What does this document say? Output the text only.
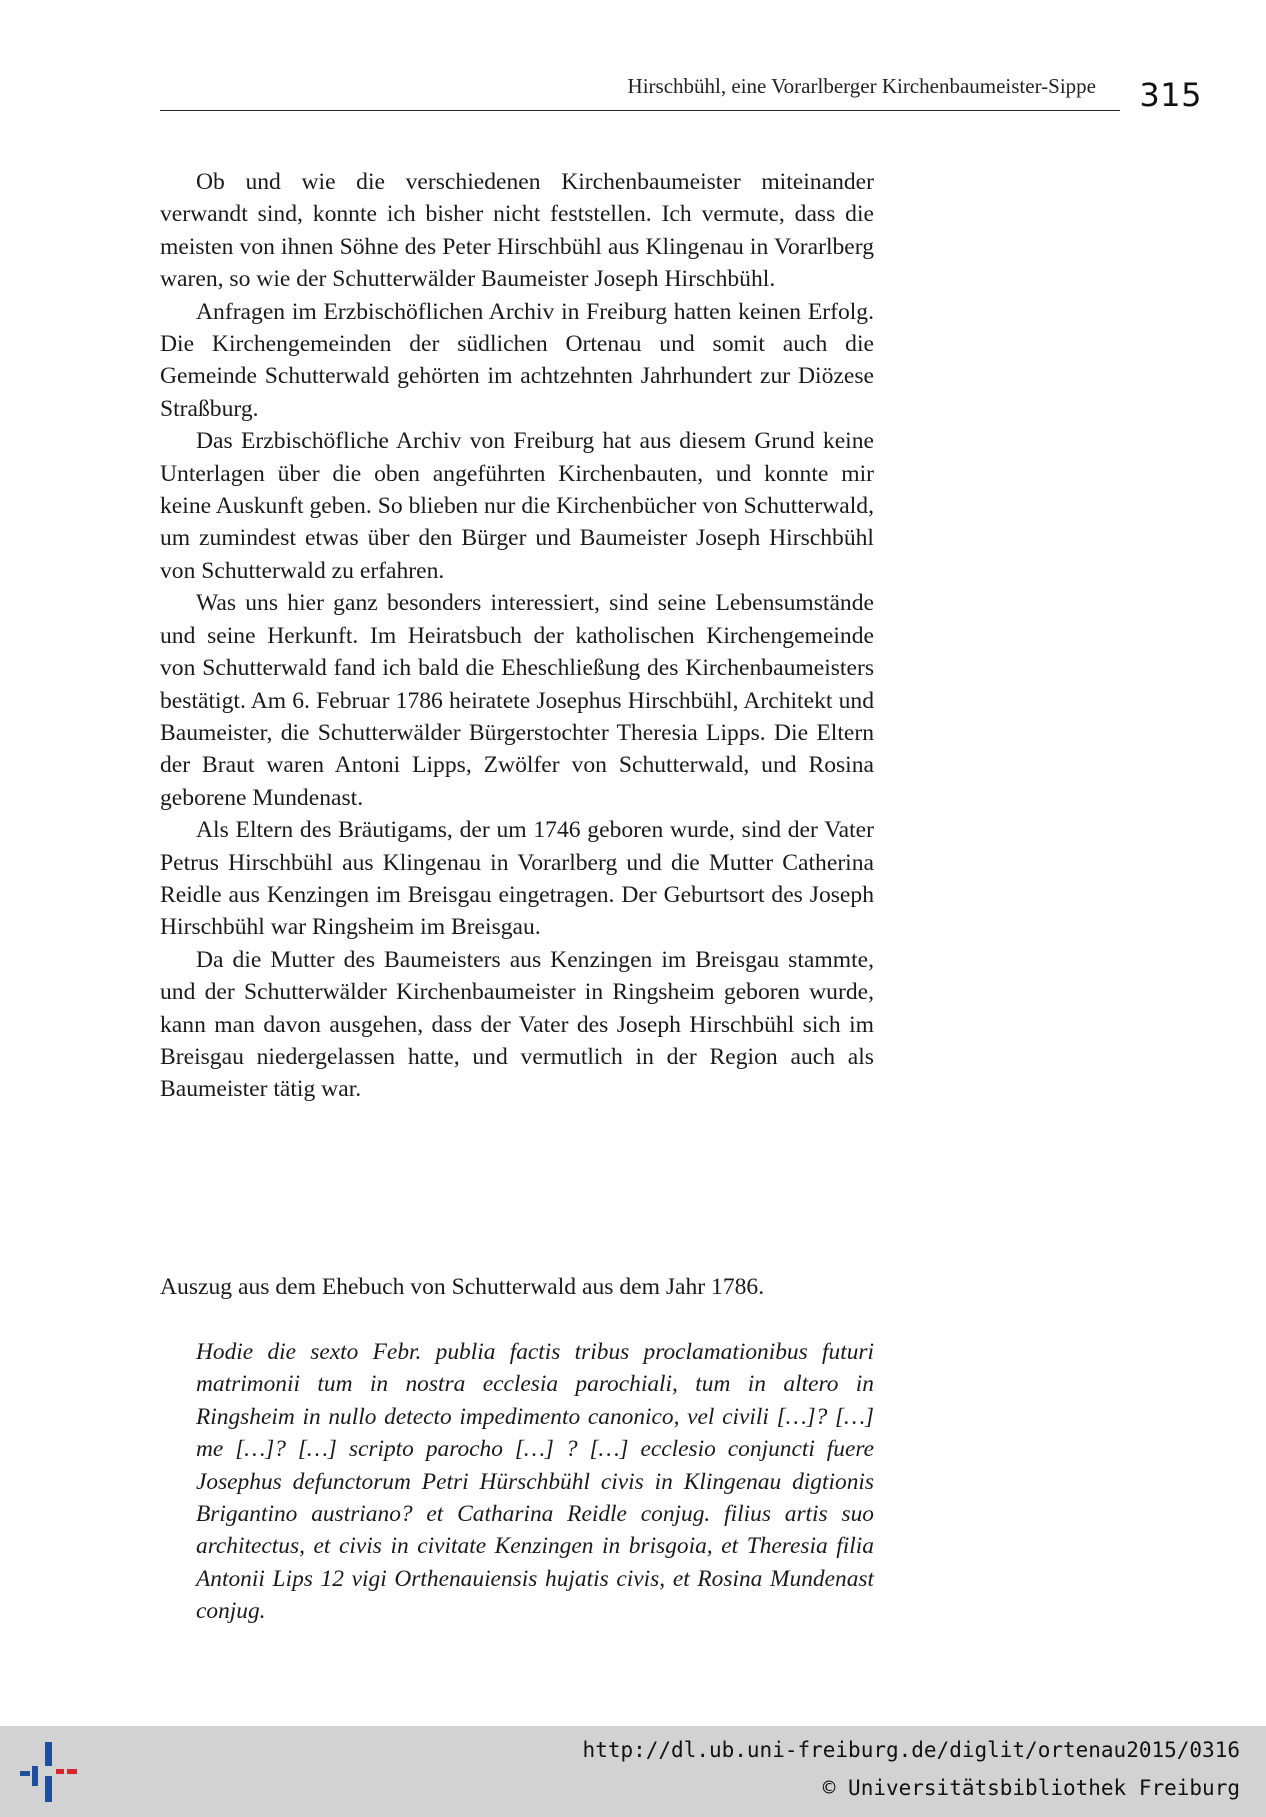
Hirschbühl, eine Vorarlberger Kirchenbaumeister-Sippe	315

Ob und wie die verschiedenen Kirchenbaumeister miteinander verwandt sind, konnte ich bisher nicht feststellen. Ich vermute, dass die meisten von ihnen Söhne des Peter Hirschbühl aus Klingenau in Vorarlberg waren, so wie der Schutterwälder Baumeister Joseph Hirschbühl.

Anfragen im Erzbischöflichen Archiv in Freiburg hatten keinen Erfolg. Die Kirchengemeinden der südlichen Ortenau und somit auch die Gemeinde Schutterwald gehörten im achtzehnten Jahrhundert zur Diözese Straßburg.

Das Erzbischöfliche Archiv von Freiburg hat aus diesem Grund keine Unterlagen über die oben angeführten Kirchenbauten, und konnte mir keine Auskunft geben. So blieben nur die Kirchenbücher von Schutterwald, um zumindest etwas über den Bürger und Baumeister Joseph Hirschbühl von Schutterwald zu erfahren.

Was uns hier ganz besonders interessiert, sind seine Lebensumstände und seine Herkunft. Im Heiratsbuch der katholischen Kirchengemeinde von Schutterwald fand ich bald die Eheschließung des Kirchenbaumeisters bestätigt. Am 6. Februar 1786 heiratete Josephus Hirschbühl, Architekt und Baumeister, die Schutterwälder Bürgerstochter Theresia Lipps. Die Eltern der Braut waren Antoni Lipps, Zwölfer von Schutterwald, und Rosina geborene Mundenast.

Als Eltern des Bräutigams, der um 1746 geboren wurde, sind der Vater Petrus Hirschbühl aus Klingenau in Vorarlberg und die Mutter Catherina Reidle aus Kenzingen im Breisgau eingetragen. Der Geburtsort des Joseph Hirschbühl war Ringsheim im Breisgau.

Da die Mutter des Baumeisters aus Kenzingen im Breisgau stammte, und der Schutterwälder Kirchenbaumeister in Ringsheim geboren wurde, kann man davon ausgehen, dass der Vater des Joseph Hirschbühl sich im Breisgau niedergelassen hatte, und vermutlich in der Region auch als Baumeister tätig war.

Auszug aus dem Ehebuch von Schutterwald aus dem Jahr 1786.
Hodie die sexto Febr. publia factis tribus proclamationibus futuri matrimonii tum in nostra ecclesia parochiali, tum in altero in Ringsheim in nullo detecto impedimento canonico, vel civili […]? […] me […]? […] scripto parocho […] ? […] ecclesio conjuncti fuere Josephus defunctorum Petri Hürschbühl civis in Klingenau digtionis Brigantino austriano? et Catharina Reidle conjug. filius artis suo architectus, et civis in civitate Kenzingen in brisgoia, et Theresia filia Antonii Lips 12 vigi Orthenauiensis hujatis civis, et Rosina Mundenast conjug.
http://dl.ub.uni-freiburg.de/diglit/ortenau2015/0316
© Universitätsbibliothek Freiburg
